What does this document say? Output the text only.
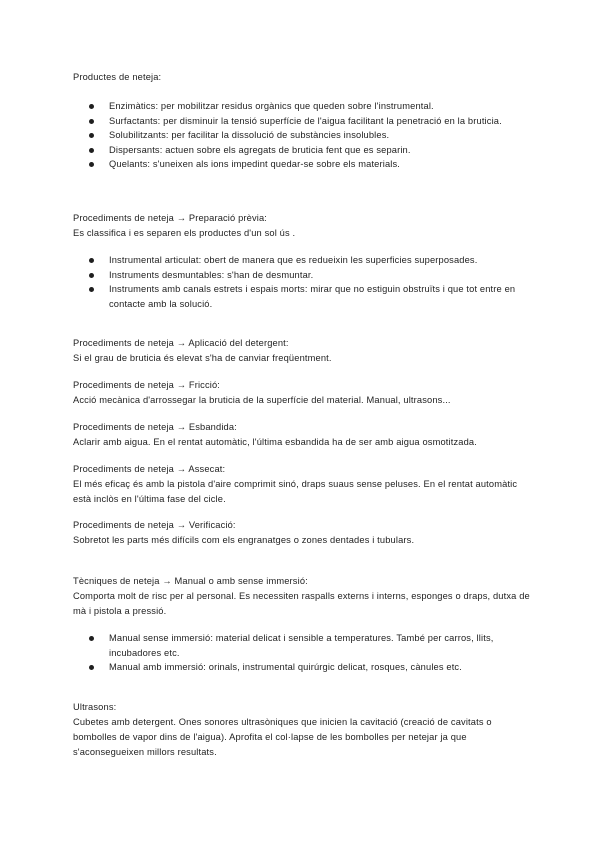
Productes de neteja:

Enzimàtics: per mobilitzar residus orgànics que queden sobre l'instrumental.
Surfactants: per disminuir la tensió superfície de l'aigua facilitant la penetració en la bruticia.
Solubilitzants: per facilitar la dissolució de substàncies insolubles.
Dispersants: actuen sobre els agregats de bruticia fent que es separin.
Quelants: s'uneixen als ions impedint quedar-se sobre els materials.

Procediments de neteja → Preparació prèvia:

Es classifica i es separen els productes d'un sol ús .

Instrumental articulat: obert de manera que es redueixin les superficies superposades.
Instruments desmuntables: s'han de desmuntar.
Instruments amb canals estrets i espais morts: mirar que no estiguin obstruïts i que tot entre en contacte amb la solució.

Procediments de neteja → Aplicació del detergent:

Si el grau de bruticia és elevat s'ha de canviar freqüentment.

Procediments de neteja → Fricció:

Acció mecànica d'arrossegar la bruticia de la superfície del material. Manual, ultrasons...

Procediments de neteja → Esbandida:

Aclarir amb aigua. En el rentat automàtic, l'última esbandida ha de ser amb aigua osmotitzada.

Procediments de neteja → Assecat:

El més eficaç és amb la pistola d'aire comprimit sinó, draps suaus sense peluses. En el rentat automàtic està inclòs en l'última fase del cicle.

Procediments de neteja → Verificació:

Sobretot les parts més difícils com els engranatges o zones dentades i tubulars.

Tècniques de neteja → Manual o amb sense immersió:

Comporta molt de risc per al personal. Es necessiten raspalls externs i interns, esponges o draps, dutxa de mà i pistola a pressió.

Manual sense immersió: material delicat i sensible a temperatures. També per carros, llits, incubadores etc.
Manual amb immersió: orinals, instrumental quirúrgic delicat, rosques, cànules etc.

Ultrasons:

Cubetes amb detergent. Ones sonores ultrasòniques que inicien la cavitació (creació de cavitats o bombolles de vapor dins de l'aigua). Aprofita el col·lapse de les bombolles per netejar ja que s'aconsegueixen millors resultats.
